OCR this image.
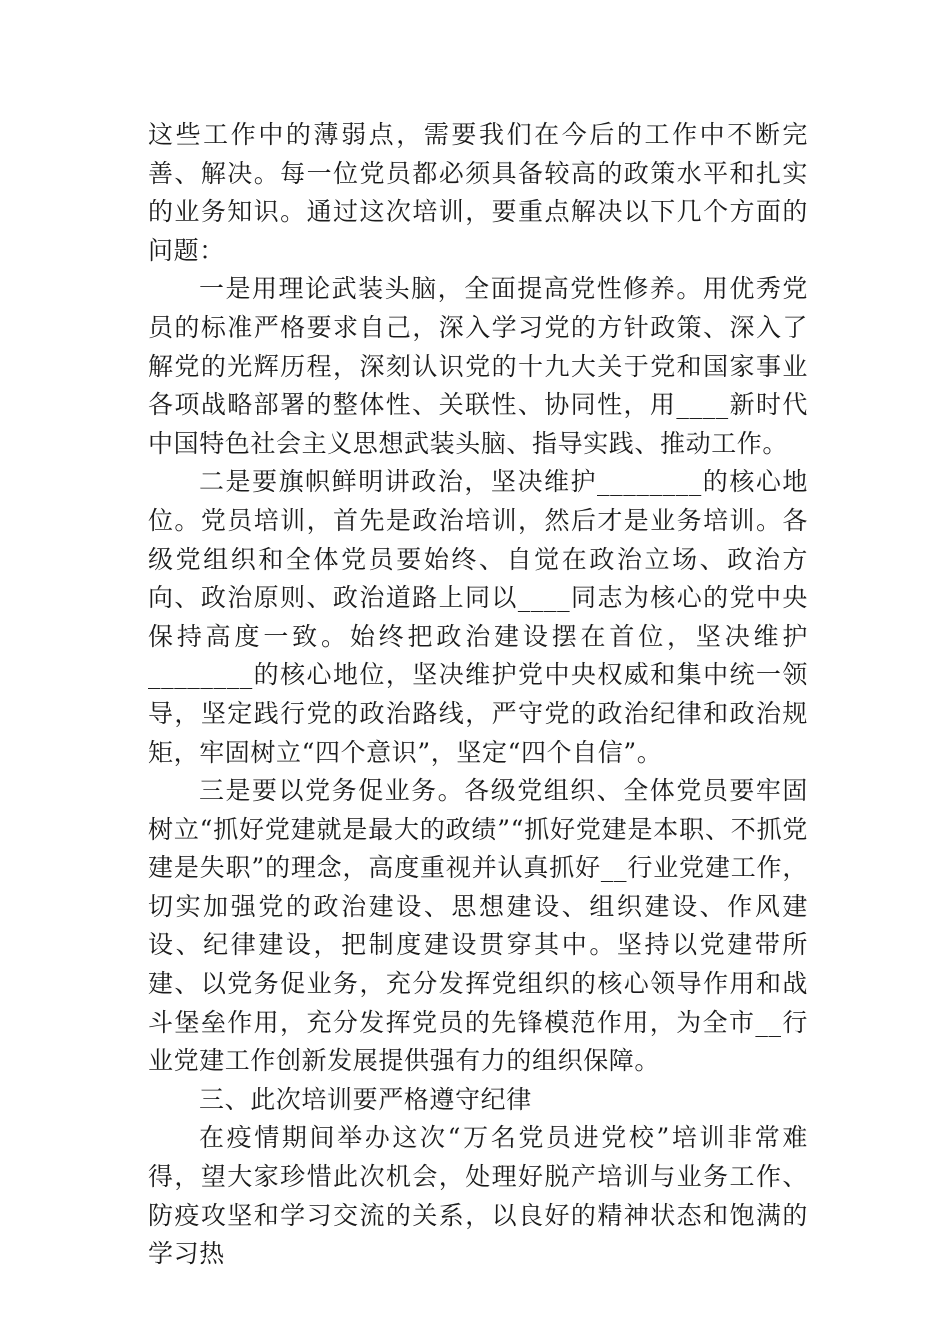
这些工作中的薄弱点，需要我们在今后的工作中不断完善、解决。每一位党员都必须具备较高的政策水平和扎实的业务知识。通过这次培训，要重点解决以下几个方面的问题：

一是用理论武装头脑，全面提高党性修养。用优秀党员的标准严格要求自己，深入学习党的方针政策、深入了解党的光辉历程，深刻认识党的十九大关于党和国家事业各项战略部署的整体性、关联性、协同性，用____新时代中国特色社会主义思想武装头脑、指导实践、推动工作。

二是要旗帜鲜明讲政治，坚决维护________的核心地位。党员培训，首先是政治培训，然后才是业务培训。各级党组织和全体党员要始终、自觉在政治立场、政治方向、政治原则、政治道路上同以____同志为核心的党中央保持高度一致。始终把政治建设摆在首位，坚决维护________的核心地位，坚决维护党中央权威和集中统一领导，坚定践行党的政治路线，严守党的政治纪律和政治规矩，牢固树立“四个意识”，坚定“四个自信”。

三是要以党务促业务。各级党组织、全体党员要牢固树立“抓好党建就是最大的政绩”“抓好党建是本职、不抓党建是失职”的理念，高度重视并认真抓好__行业党建工作，切实加强党的政治建设、思想建设、组织建设、作风建设、纪律建设，把制度建设贯穿其中。坚持以党建带所建、以党务促业务，充分发挥党组织的核心领导作用和战斗堡垒作用，充分发挥党员的先锋模范作用，为全市__行业党建工作创新发展提供强有力的组织保障。

三、此次培训要严格遵守纪律

在疫情期间举办这次“万名党员进党校”培训非常难得，望大家珍惜此次机会，处理好脱产培训与业务工作、防疫攻坚和学习交流的关系，以良好的精神状态和饱满的学习热
